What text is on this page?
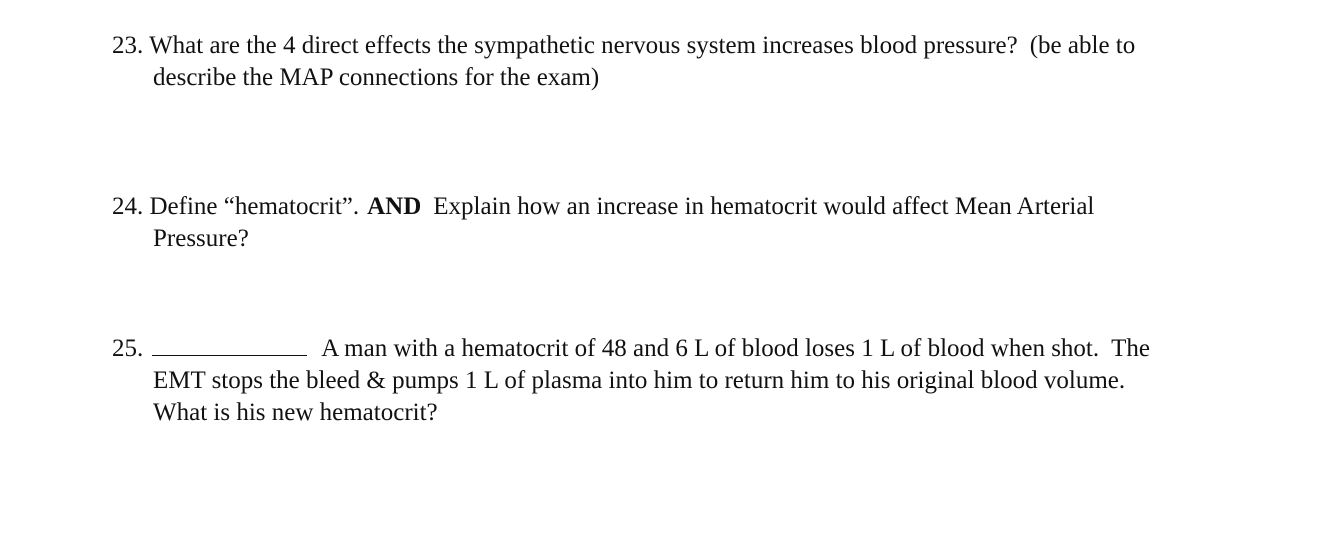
23. What are the 4 direct effects the sympathetic nervous system increases blood pressure? (be able to
describe the MAP connections for the exam)
24. Define “hematocrit”. AND Explain how an increase in hematocrit would affect Mean Arterial
Pressure?
25.	A man with a hematocrit of 48 and 6 L of blood loses 1 L of blood when shot. The
EMT stops the bleed & pumps 1 L of plasma into him to return him to his original blood volume.
What is his new hematocrit?
